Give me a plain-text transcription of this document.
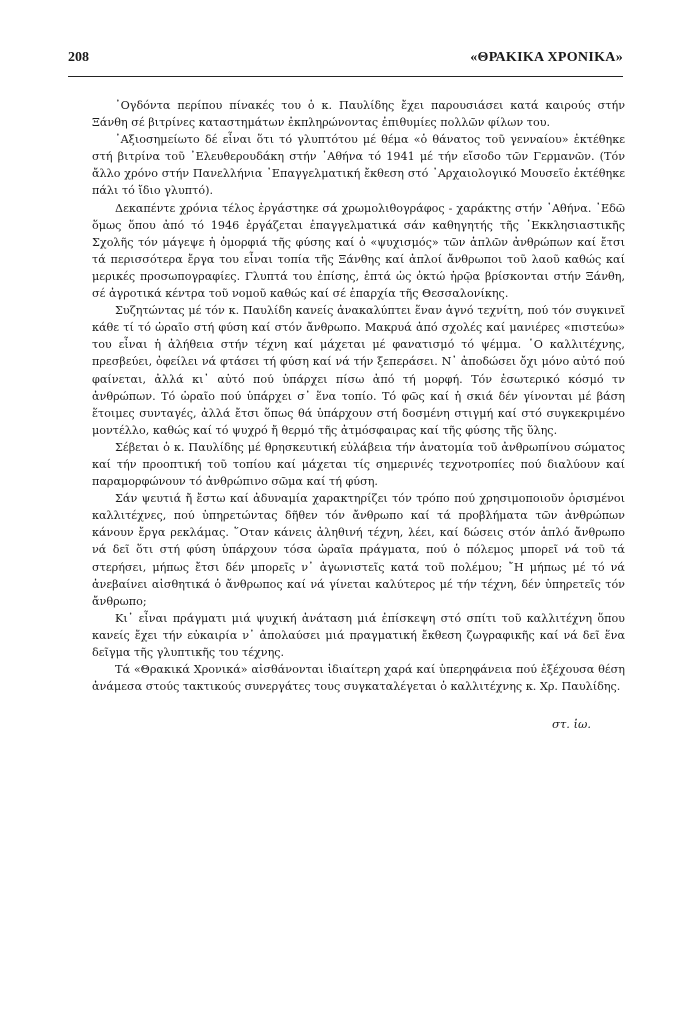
208	«ΘΡΑΚΙΚΑ ΧΡΟΝΙΚΑ»

᾿Ογδόντα περίπου πίνακές του ὁ κ. Παυλίδης ἔχει παρουσιάσει κατά καιρούς στήν Ξάνθη σέ βιτρίνες καταστημάτων ἐκπληρώνοντας ἐπιθυμίες πολλῶν φίλων του.

᾿Αξιοσημείωτο δέ εἶναι ὅτι τό γλυπτότου μέ θέμα «ὁ θάνατος τοῦ γενναίου» ἐκτέθηκε στή βιτρίνα τοῦ ᾿Ελευθερουδάκη στήν ᾿Αθήνα τό 1941 μέ τήν εἴσοδο τῶν Γερμανῶν. (Τόν ἄλλο χρόνο στήν Πανελλήνια ᾿Επαγγελματική ἔκθεση στό ᾿Αρχαιολογικό Μουσεῖο ἐκτέθηκε πάλι τό ἴδιο γλυπτό).

Δεκαπέντε χρόνια τέλος ἐργάστηκε σά χρωμολιθογράφος - χαράκτης στήν ᾿Αθήνα. ᾿Εδῶ ὅμως ὅπου ἀπό τό 1946 ἐργάζεται ἐπαγγελματικά σάν καθηγητής τῆς ᾿Εκκλησιαστικῆς Σχολῆς τόν μάγεψε ἡ ὀμορφιά τῆς φύσης καί ὁ «ψυχισμός» τῶν ἁπλῶν ἀνθρώπων καί ἔτσι τά περισσότερα ἔργα του εἶναι τοπία τῆς Ξάνθης καί ἁπλοί ἄνθρωποι τοῦ λαοῦ καθώς καί μερικές προσωπογραφίες. Γλυπτά του ἐπίσης, ἑπτά ὡς ὀκτώ ἡρῷα βρίσκονται στήν Ξάνθη, σέ ἀγροτικά κέντρα τοῦ νομοῦ καθώς καί σέ ἐπαρχία τῆς Θεσσαλονίκης.

Συζητώντας μέ τόν κ. Παυλίδη κανείς ἀνακαλύπτει ἕναν ἁγνό τεχνίτη, πού τόν συγκινεῖ κάθε τί τό ὡραῖο στή φύση καί στόν ἄνθρωπο. Μακρυά ἀπό σχολές καί μανιέρες «πιστεύω» του εἶναι ἡ ἀλήθεια στήν τέχνη καί μάχεται μέ φανατισμό τό ψέμμα. ῾Ο καλλιτέχνης, πρεσβεύει, ὀφείλει νά φτάσει τή φύση καί νά τήν ξεπεράσει. Ν᾿ ἀποδώσει ὄχι μόνο αὐτό πού φαίνεται, ἀλλά κι᾿ αὐτό πού ὑπάρχει πίσω ἀπό τή μορφή. Τόν ἐσωτερικό κόσμό τν ἀνθρώπων. Τό ὡραῖο πού ὑπάρχει σ᾿ ἕνα τοπίο. Τό φῶς καί ἡ σκιά δέν γίνονται μέ βάση ἕτοιμες συνταγές, ἀλλά ἔτσι ὅπως θά ὑπάρχουν στή δοσμένη στιγμή καί στό συγκεκριμένο μοντέλλο, καθώς καί τό ψυχρό ἤ θερμό τῆς ἀτμόσφαιρας καί τῆς φύσης τῆς ὕλης.

Σέβεται ὁ κ. Παυλίδης μέ θρησκευτική εὐλάβεια τήν ἀνατομία τοῦ ἀνθρωπίνου σώματος καί τήν προοπτική τοῦ τοπίου καί μάχεται τίς σημερινές τεχνοτροπίες πού διαλύουν καί παραμορφώνουν τό ἀνθρώπινο σῶμα καί τή φύση.

Σάν ψευτιά ἤ ἔστω καί ἀδυναμία χαρακτηρίζει τόν τρόπο πού χρησιμοποιοῦν ὁρισμένοι καλλιτέχνες, πού ὑπηρετώντας δῆθεν τόν ἄνθρωπο καί τά προβλήματα τῶν ἀνθρώπων κάνουν ἔργα ρεκλάμας. ῞Οταν κάνεις ἀληθινή τέχνη, λέει, καί δώσεις στόν ἁπλό ἄνθρωπο νά δεῖ ὅτι στή φύση ὑπάρχουν τόσα ὡραῖα πράγματα, πού ὁ πόλεμος μπορεῖ νά τοῦ τά στερήσει, μήπως ἔτσι δέν μπορεῖς ν᾿ ἀγωνιστεῖς κατά τοῦ πολέμου; ῎Η μήπως μέ τό νά ἀνεβαίνει αἰσθητικά ὁ ἄνθρωπος καί νά γίνεται καλύτερος μέ τήν τέχνη, δέν ὑπηρετεῖς τόν ἄνθρωπο;

Κι᾿ εἶναι πράγματι μιά ψυχική ἀνάταση μιά ἐπίσκεψη στό σπίτι τοῦ καλλιτέχνη ὅπου κανείς ἔχει τήν εὐκαιρία ν᾿ ἀπολαύσει μιά πραγματική ἔκθεση ζωγραφικῆς καί νά δεῖ ἕνα δεῖγμα τῆς γλυπτικῆς του τέχνης.

Τά «Θρακικά Χρονικά» αἰσθάνονται ἰδιαίτερη χαρά καί ὑπερηφάνεια πού ἐξέχουσα θέση ἀνάμεσα στούς τακτικούς συνεργάτες τους συγκαταλέγεται ὁ καλλιτέχνης κ. Χρ. Παυλίδης.

στ. ἰω.
